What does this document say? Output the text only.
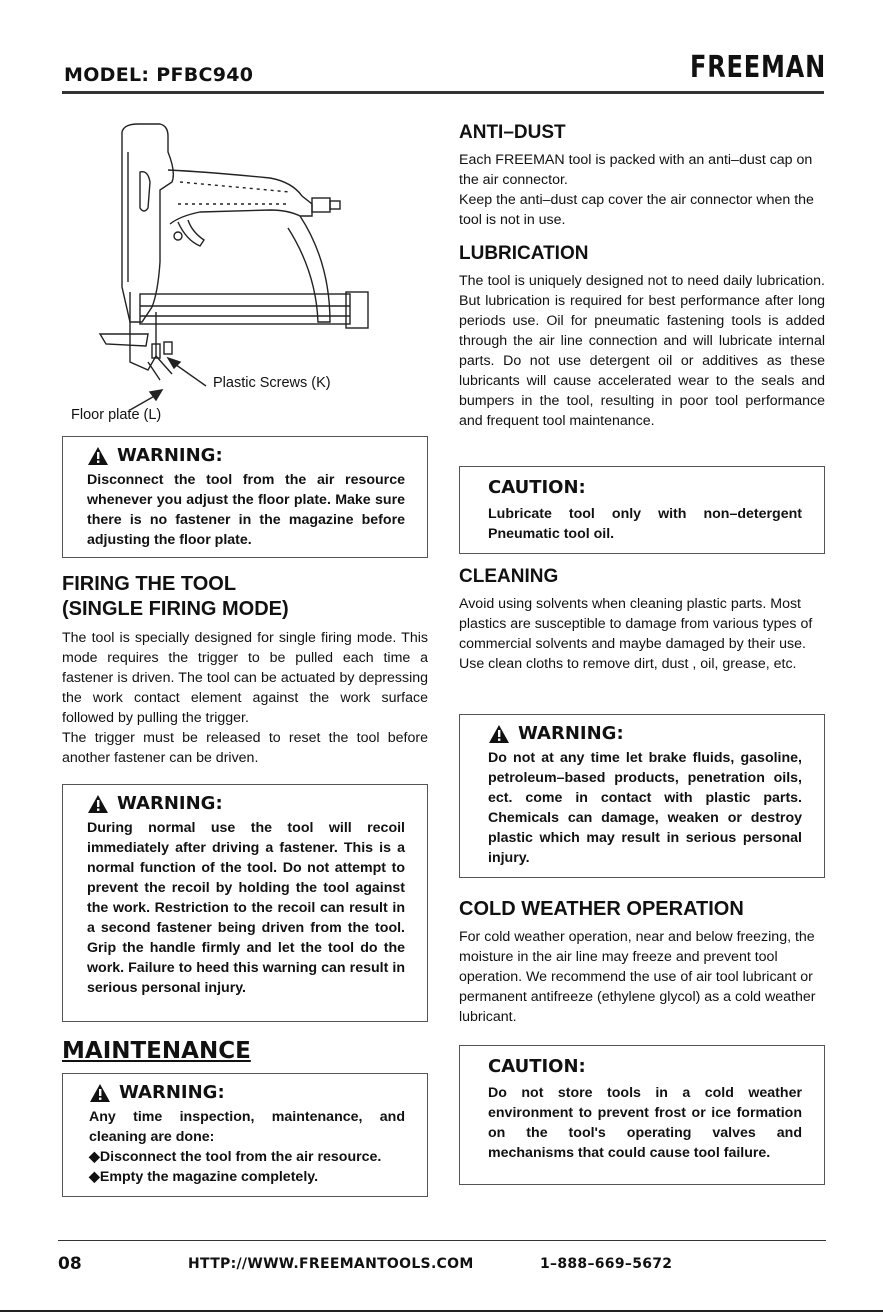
MODEL: PFBC940	FREEMAN
Plastic Screws (K)
Floor plate (L)
WARNING:
Disconnect the tool from the air resource whenever you adjust the floor plate. Make sure there is no fastener in the magazine before adjusting the floor plate.
FIRING THE TOOL
(SINGLE FIRING MODE)

The tool is specially designed for single firing mode. This mode requires the trigger to be pulled each time a fastener is driven. The tool can be actuated by depressing the work contact element against the work surface followed by pulling the trigger.

The trigger must be released to reset the tool before another fastener can be driven.

WARNING:
During normal use the tool will recoil immediately after driving a fastener. This is a normal function of the tool. Do not attempt to prevent the recoil by holding the tool against the work. Restriction to the recoil can result in a second fastener being driven from the tool. Grip the handle firmly and let the tool do the work. Failure to heed this warning can result in serious personal injury.
MAINTENANCE
WARNING:
Any time inspection, maintenance, and cleaning are done:
◆Disconnect the tool from the air resource.
◆Empty the magazine completely.
ANTI–DUST

Each FREEMAN tool is packed with an anti–dust cap on the air connector.

Keep the anti–dust cap cover the air connector when the tool is not in use.

LUBRICATION

The tool is uniquely designed not to need daily lubrication. But lubrication is required for best performance after long periods use. Oil for pneumatic fastening tools is added through the air line connection and will lubricate internal parts. Do not use detergent oil or additives as these lubricants will cause accelerated wear to the seals and bumpers in the tool, resulting in poor tool performance and frequent tool maintenance.

CAUTION:
Lubricate tool only with non–detergent Pneumatic tool oil.
CLEANING

Avoid using solvents when cleaning plastic parts. Most plastics are susceptible to damage from various types of commercial solvents and maybe damaged by their use. Use clean cloths to remove dirt, dust , oil, grease, etc.

WARNING:
Do not at any time let brake fluids, gasoline, petroleum–based products, penetration oils, ect. come in contact with plastic parts. Chemicals can damage, weaken or destroy plastic which may result in serious personal injury.
COLD WEATHER OPERATION

For cold weather operation, near and below freezing, the moisture in the air line may freeze and prevent tool operation. We recommend the use of air tool lubricant or permanent antifreeze (ethylene glycol) as a cold weather lubricant.

CAUTION:
Do not store tools in a cold weather environment to prevent frost or ice formation on the tool's operating valves and mechanisms that could cause tool failure.
08	HTTP://WWW.FREEMANTOOLS.COM	1–888–669–5672
